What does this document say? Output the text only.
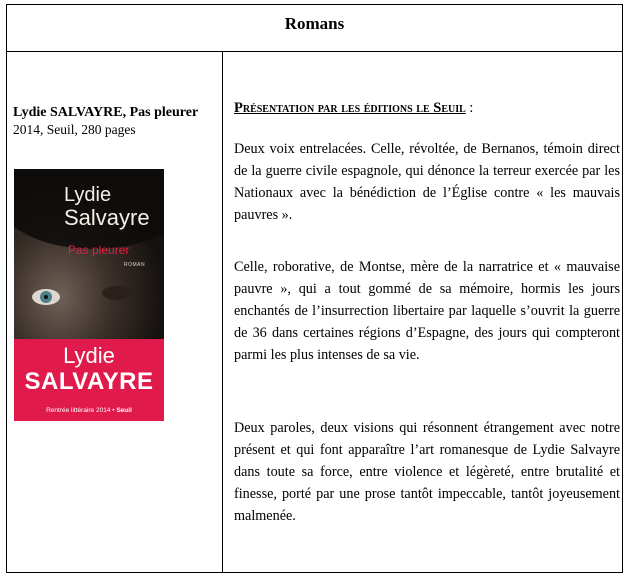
Romans
Lydie SALVAYRE, Pas pleurer
2014, Seuil, 280 pages
Lydie
Salvayre
Pas pleurer
ROMAN
Lydie
SALVAYRE
Rentrée littéraire 2014 • Seuil
Présentation par les éditions le Seuil :

Deux voix entrelacées. Celle, révoltée, de Bernanos, témoin direct de la guerre civile espagnole, qui dénonce la terreur exercée par les Nationaux avec la bénédiction de l’Église contre « les mauvais pauvres ».

Celle, roborative, de Montse, mère de la narratrice et « mauvaise pauvre », qui a tout gommé de sa mémoire, hormis les jours enchantés de l’insurrection libertaire par laquelle s’ouvrit la guerre de 36 dans certaines régions d’Espagne, des jours qui compteront parmi les plus intenses de sa vie.

Deux paroles, deux visions qui résonnent étrangement avec notre présent et qui font apparaître l’art romanesque de Lydie Salvayre dans toute sa force, entre violence et légèreté, entre brutalité et finesse, porté par une prose tantôt impeccable, tantôt joyeusement malmenée.
